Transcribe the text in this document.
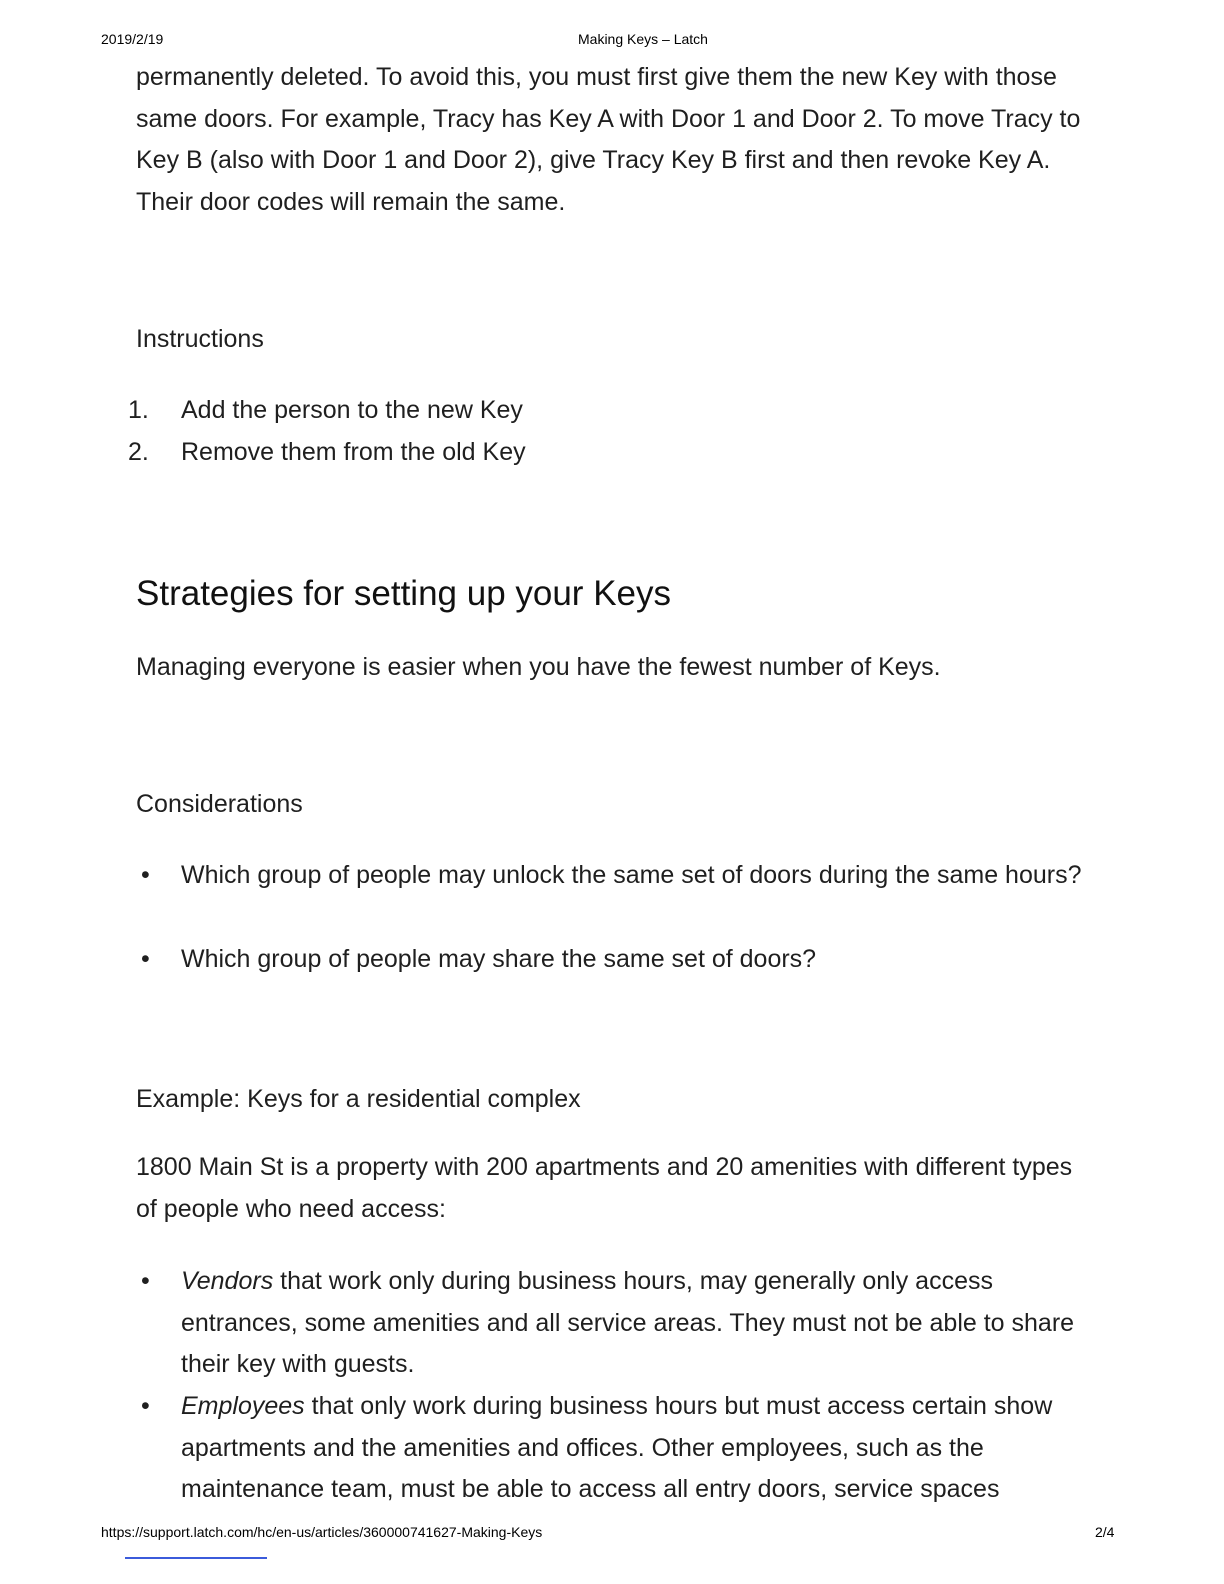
2019/2/19	Making Keys – Latch

permanently deleted. To avoid this, you must first give them the new Key with those same doors. For example, Tracy has Key A with Door 1 and Door 2. To move Tracy to Key B (also with Door 1 and Door 2), give Tracy Key B first and then revoke Key A. Their door codes will remain the same.

Instructions
1. Add the person to the new Key
2. Remove them from the old Key
Strategies for setting up your Keys

Managing everyone is easier when you have the fewest number of Keys.

Considerations
• Which group of people may unlock the same set of doors during the same hours?
• Which group of people may share the same set of doors?
Example: Keys for a residential complex

1800 Main St is a property with 200 apartments and 20 amenities with different types of people who need access:

• Vendors that work only during business hours, may generally only access entrances, some amenities and all service areas. They must not be able to share their key with guests.
• Employees that only work during business hours but must access certain show apartments and the amenities and offices. Other employees, such as the maintenance team, must be able to access all entry doors, service spaces
https://support.latch.com/hc/en-us/articles/360000741627-Making-Keys	2/4
